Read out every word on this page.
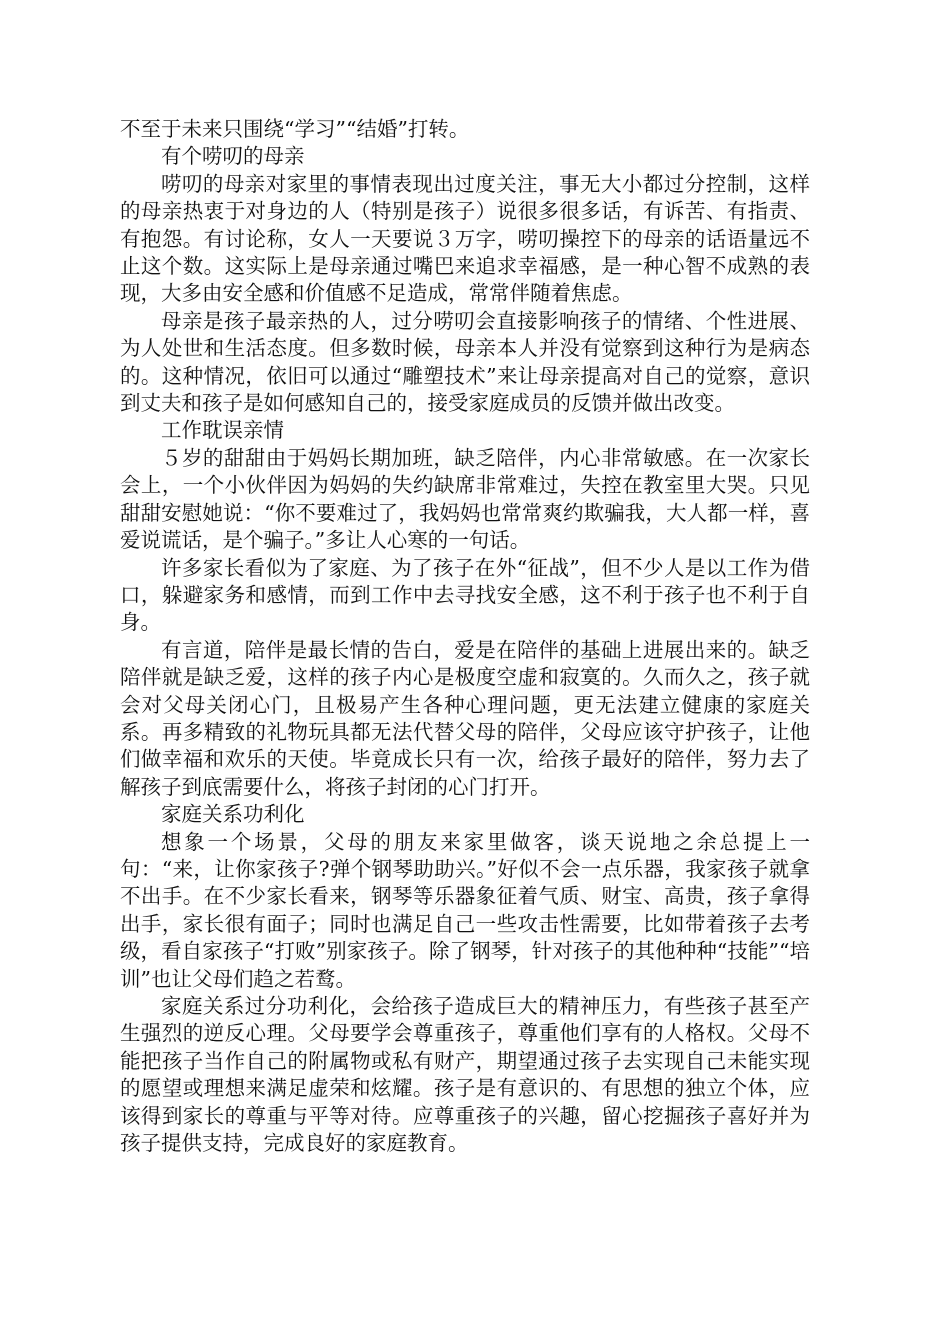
不至于未来只围绕“学习”“结婚”打转。

有个唠叨的母亲

唠叨的母亲对家里的事情表现出过度关注，事无大小都过分控制，这样的母亲热衷于对身边的人（特别是孩子）说很多很多话，有诉苦、有指责、有抱怨。有讨论称，女人一天要说３万字，唠叨操控下的母亲的话语量远不止这个数。这实际上是母亲通过嘴巴来追求幸福感，是一种心智不成熟的表现，大多由安全感和价值感不足造成，常常伴随着焦虑。

母亲是孩子最亲热的人，过分唠叨会直接影响孩子的情绪、个性进展、为人处世和生活态度。但多数时候，母亲本人并没有觉察到这种行为是病态的。这种情况，依旧可以通过“雕塑技术”来让母亲提高对自己的觉察，意识到丈夫和孩子是如何感知自己的，接受家庭成员的反馈并做出改变。

工作耽误亲情

５岁的甜甜由于妈妈长期加班，缺乏陪伴，内心非常敏感。在一次家长会上，一个小伙伴因为妈妈的失约缺席非常难过，失控在教室里大哭。只见甜甜安慰她说：“你不要难过了，我妈妈也常常爽约欺骗我，大人都一样，喜爱说谎话，是个骗子。”多让人心寒的一句话。

许多家长看似为了家庭、为了孩子在外“征战”，但不少人是以工作为借口，躲避家务和感情，而到工作中去寻找安全感，这不利于孩子也不利于自身。

有言道，陪伴是最长情的告白，爱是在陪伴的基础上进展出来的。缺乏陪伴就是缺乏爱，这样的孩子内心是极度空虚和寂寞的。久而久之，孩子就会对父母关闭心门，且极易产生各种心理问题，更无法建立健康的家庭关系。再多精致的礼物玩具都无法代替父母的陪伴，父母应该守护孩子，让他们做幸福和欢乐的天使。毕竟成长只有一次，给孩子最好的陪伴，努力去了解孩子到底需要什么，将孩子封闭的心门打开。

家庭关系功利化

想象一个场景，父母的朋友来家里做客，谈天说地之余总提上一句：“来，让你家孩子?弹个钢琴助助兴。”好似不会一点乐器，我家孩子就拿不出手。在不少家长看来，钢琴等乐器象征着气质、财宝、高贵，孩子拿得出手，家长很有面子；同时也满足自己一些攻击性需要，比如带着孩子去考级，看自家孩子“打败”别家孩子。除了钢琴，针对孩子的其他种种“技能”“培训”也让父母们趋之若鹜。

家庭关系过分功利化，会给孩子造成巨大的精神压力，有些孩子甚至产生强烈的逆反心理。父母要学会尊重孩子，尊重他们享有的人格权。父母不能把孩子当作自己的附属物或私有财产，期望通过孩子去实现自己未能实现的愿望或理想来满足虚荣和炫耀。孩子是有意识的、有思想的独立个体，应该得到家长的尊重与平等对待。应尊重孩子的兴趣，留心挖掘孩子喜好并为孩子提供支持，完成良好的家庭教育。
